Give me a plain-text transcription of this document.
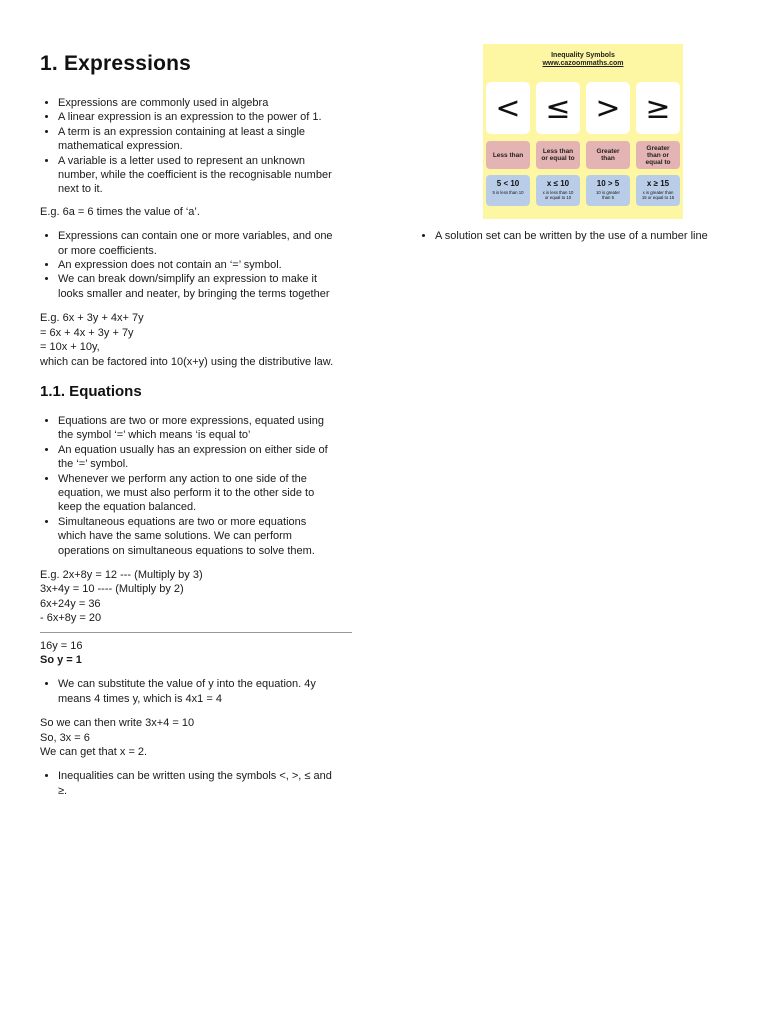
1. Expressions
• Expressions are commonly used in algebra
• A linear expression is an expression to the power of 1.
• A term is an expression containing at least a single
mathematical expression.
• A variable is a letter used to represent an unknown
number, while the coefficient is the recognisable number
next to it.

E.g. 6a = 6 times the value of ‘a’.

• Expressions can contain one or more variables, and one
or more coefficients.
• An expression does not contain an ‘=’ symbol.
• We can break down/simplify an expression to make it
looks smaller and neater, by bringing the terms together
E.g. 6x + 3y + 4x+ 7y
= 6x + 4x + 3y + 7y
= 10x + 10y,
which can be factored into 10(x+y) using the distributive law.
1.1. Equations
• Equations are two or more expressions, equated using
the symbol ‘=’ which means ‘is equal to’
• An equation usually has an expression on either side of
the ‘=’ symbol.
• Whenever we perform any action to one side of the
equation, we must also perform it to the other side to
keep the equation balanced.
• Simultaneous equations are two or more equations
which have the same solutions. We can perform
operations on simultaneous equations to solve them.
E.g. 2x+8y = 12 --- (Multiply by 3)
3x+4y = 10 ---- (Multiply by 2)
6x+24y = 36
- 6x+8y = 20
16y = 16
So y = 1
• We can substitute the value of y into the equation. 4y
means 4 times y, which is 4x1 = 4
So we can then write 3x+4 = 10
So, 3x = 6
We can get that x = 2.
• Inequalities can be written using the symbols <, >, ≤ and
≥.
Inequality Symbols
www.cazoommaths.com
< ≤ > ≥
Less than	Less than
or equal to
Greater
than
Greater
than or
equal to
5 < 10
5 is less than 10
x ≤ 10
x is less than 10
or equal to 10
10 > 5
10 is greater
than 5
x ≥ 15
x is greater than
15 or equal to 15
• A solution set can be written by the use of a number line
